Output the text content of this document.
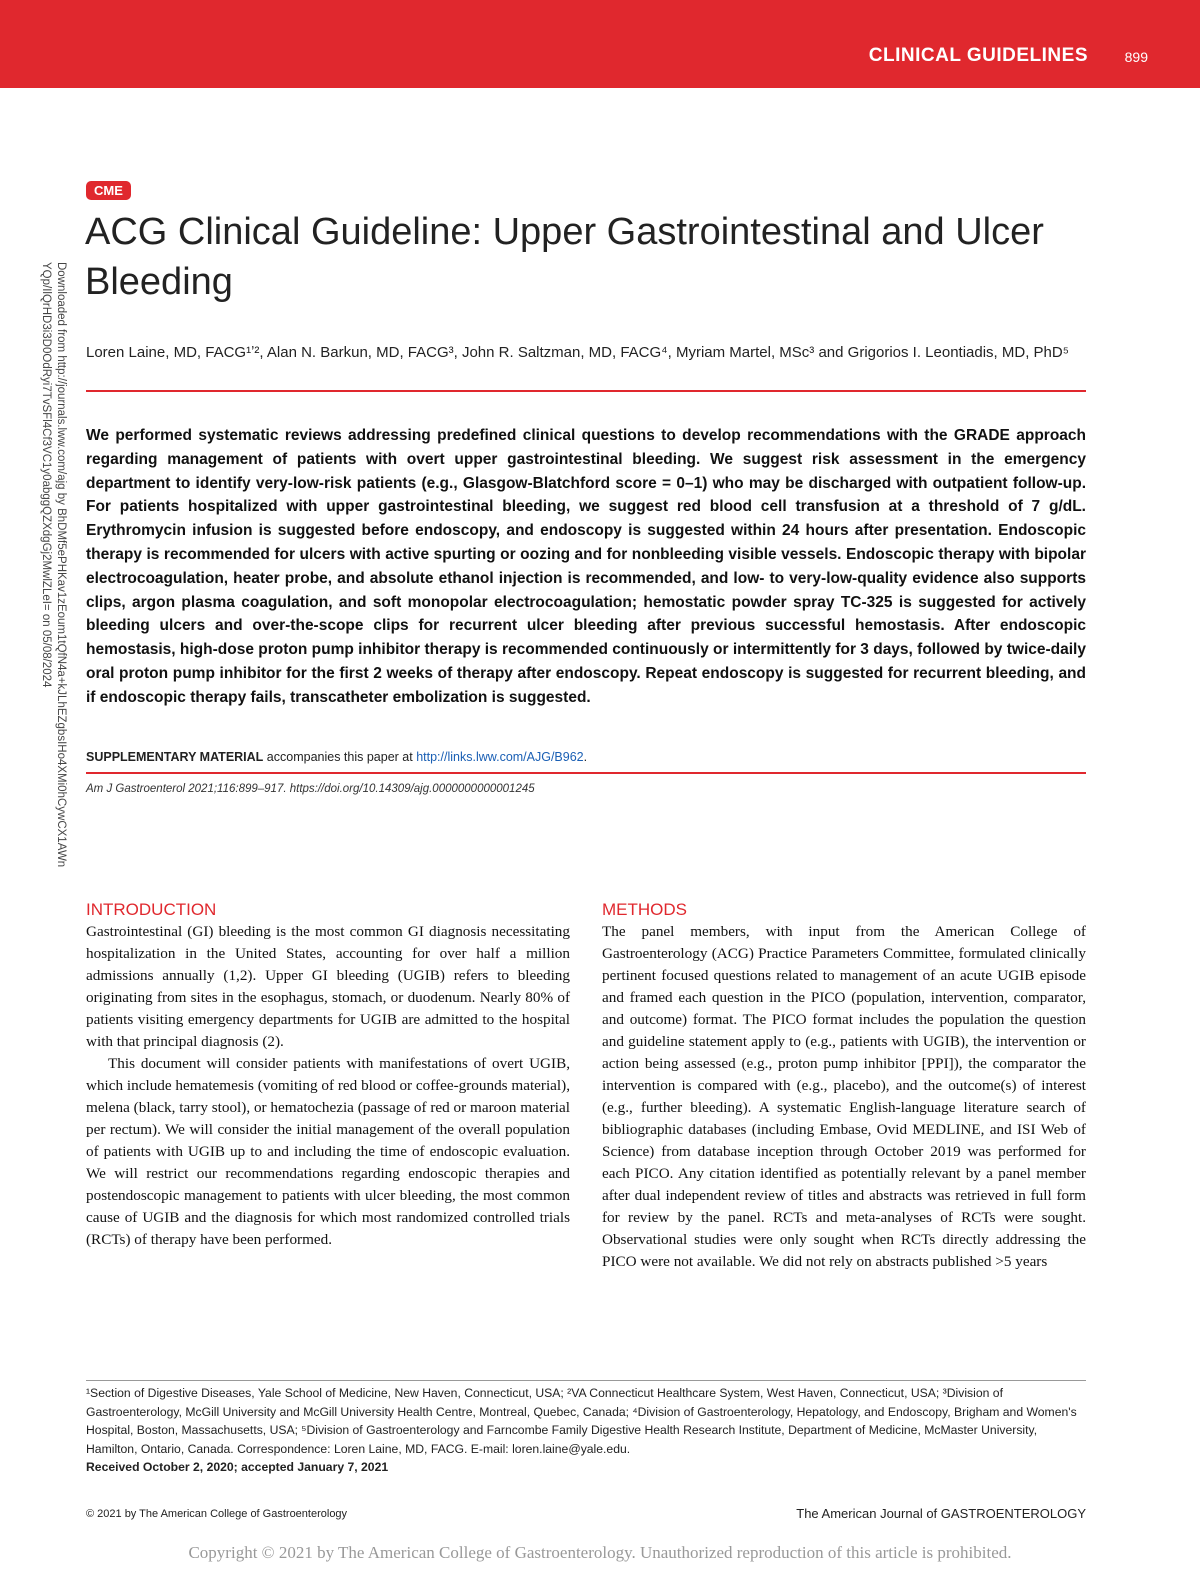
CLINICAL GUIDELINES	899
Downloaded from http://journals.lww.com/ajg by BhDMf5ePHKav1zEoum1tQfN4a+kJLhEZgbsIHo4XMi0hCywCX1AWn
YQp/IlQrHD3i3D0OdRyi7TvSFl4Cf3VC1y0abggQZXdgGj2MwlZLeI= on 05/08/2024
CME
ACG Clinical Guideline: Upper Gastrointestinal and Ulcer Bleeding
Loren Laine, MD, FACG¹ʼ², Alan N. Barkun, MD, FACG³, John R. Saltzman, MD, FACG⁴, Myriam Martel, MSc³ and Grigorios I. Leontiadis, MD, PhD⁵
We performed systematic reviews addressing predefined clinical questions to develop recommendations with the GRADE approach regarding management of patients with overt upper gastrointestinal bleeding. We suggest risk assessment in the emergency department to identify very-low-risk patients (e.g., Glasgow-Blatchford score = 0–1) who may be discharged with outpatient follow-up. For patients hospitalized with upper gastrointestinal bleeding, we suggest red blood cell transfusion at a threshold of 7 g/dL. Erythromycin infusion is suggested before endoscopy, and endoscopy is suggested within 24 hours after presentation. Endoscopic therapy is recommended for ulcers with active spurting or oozing and for nonbleeding visible vessels. Endoscopic therapy with bipolar electrocoagulation, heater probe, and absolute ethanol injection is recommended, and low- to very-low-quality evidence also supports clips, argon plasma coagulation, and soft monopolar electrocoagulation; hemostatic powder spray TC-325 is suggested for actively bleeding ulcers and over-the-scope clips for recurrent ulcer bleeding after previous successful hemostasis. After endoscopic hemostasis, high-dose proton pump inhibitor therapy is recommended continuously or intermittently for 3 days, followed by twice-daily oral proton pump inhibitor for the first 2 weeks of therapy after endoscopy. Repeat endoscopy is suggested for recurrent bleeding, and if endoscopic therapy fails, transcatheter embolization is suggested.
SUPPLEMENTARY MATERIAL accompanies this paper at http://links.lww.com/AJG/B962.
Am J Gastroenterol 2021;116:899–917. https://doi.org/10.14309/ajg.0000000000001245
INTRODUCTION

Gastrointestinal (GI) bleeding is the most common GI diagnosis necessitating hospitalization in the United States, accounting for over half a million admissions annually (1,2). Upper GI bleeding (UGIB) refers to bleeding originating from sites in the esophagus, stomach, or duodenum. Nearly 80% of patients visiting emergency departments for UGIB are admitted to the hospital with that principal diagnosis (2).

This document will consider patients with manifestations of overt UGIB, which include hematemesis (vomiting of red blood or coffee-grounds material), melena (black, tarry stool), or hematochezia (passage of red or maroon material per rectum). We will consider the initial management of the overall population of patients with UGIB up to and including the time of endoscopic evaluation. We will restrict our recommendations regarding endoscopic therapies and postendoscopic management to patients with ulcer bleeding, the most common cause of UGIB and the diagnosis for which most randomized controlled trials (RCTs) of therapy have been performed.

METHODS

The panel members, with input from the American College of Gastroenterology (ACG) Practice Parameters Committee, formulated clinically pertinent focused questions related to management of an acute UGIB episode and framed each question in the PICO (population, intervention, comparator, and outcome) format. The PICO format includes the population the question and guideline statement apply to (e.g., patients with UGIB), the intervention or action being assessed (e.g., proton pump inhibitor [PPI]), the comparator the intervention is compared with (e.g., placebo), and the outcome(s) of interest (e.g., further bleeding). A systematic English-language literature search of bibliographic databases (including Embase, Ovid MEDLINE, and ISI Web of Science) from database inception through October 2019 was performed for each PICO. Any citation identified as potentially relevant by a panel member after dual independent review of titles and abstracts was retrieved in full form for review by the panel. RCTs and meta-analyses of RCTs were sought. Observational studies were only sought when RCTs directly addressing the PICO were not available. We did not rely on abstracts published >5 years

¹Section of Digestive Diseases, Yale School of Medicine, New Haven, Connecticut, USA; ²VA Connecticut Healthcare System, West Haven, Connecticut, USA; ³Division of Gastroenterology, McGill University and McGill University Health Centre, Montreal, Quebec, Canada; ⁴Division of Gastroenterology, Hepatology, and Endoscopy, Brigham and Women's Hospital, Boston, Massachusetts, USA; ⁵Division of Gastroenterology and Farncombe Family Digestive Health Research Institute, Department of Medicine, McMaster University, Hamilton, Ontario, Canada. Correspondence: Loren Laine, MD, FACG. E-mail: loren.laine@yale.edu.
Received October 2, 2020; accepted January 7, 2021
© 2021 by The American College of Gastroenterology	The American Journal of GASTROENTEROLOGY
Copyright © 2021 by The American College of Gastroenterology. Unauthorized reproduction of this article is prohibited.
